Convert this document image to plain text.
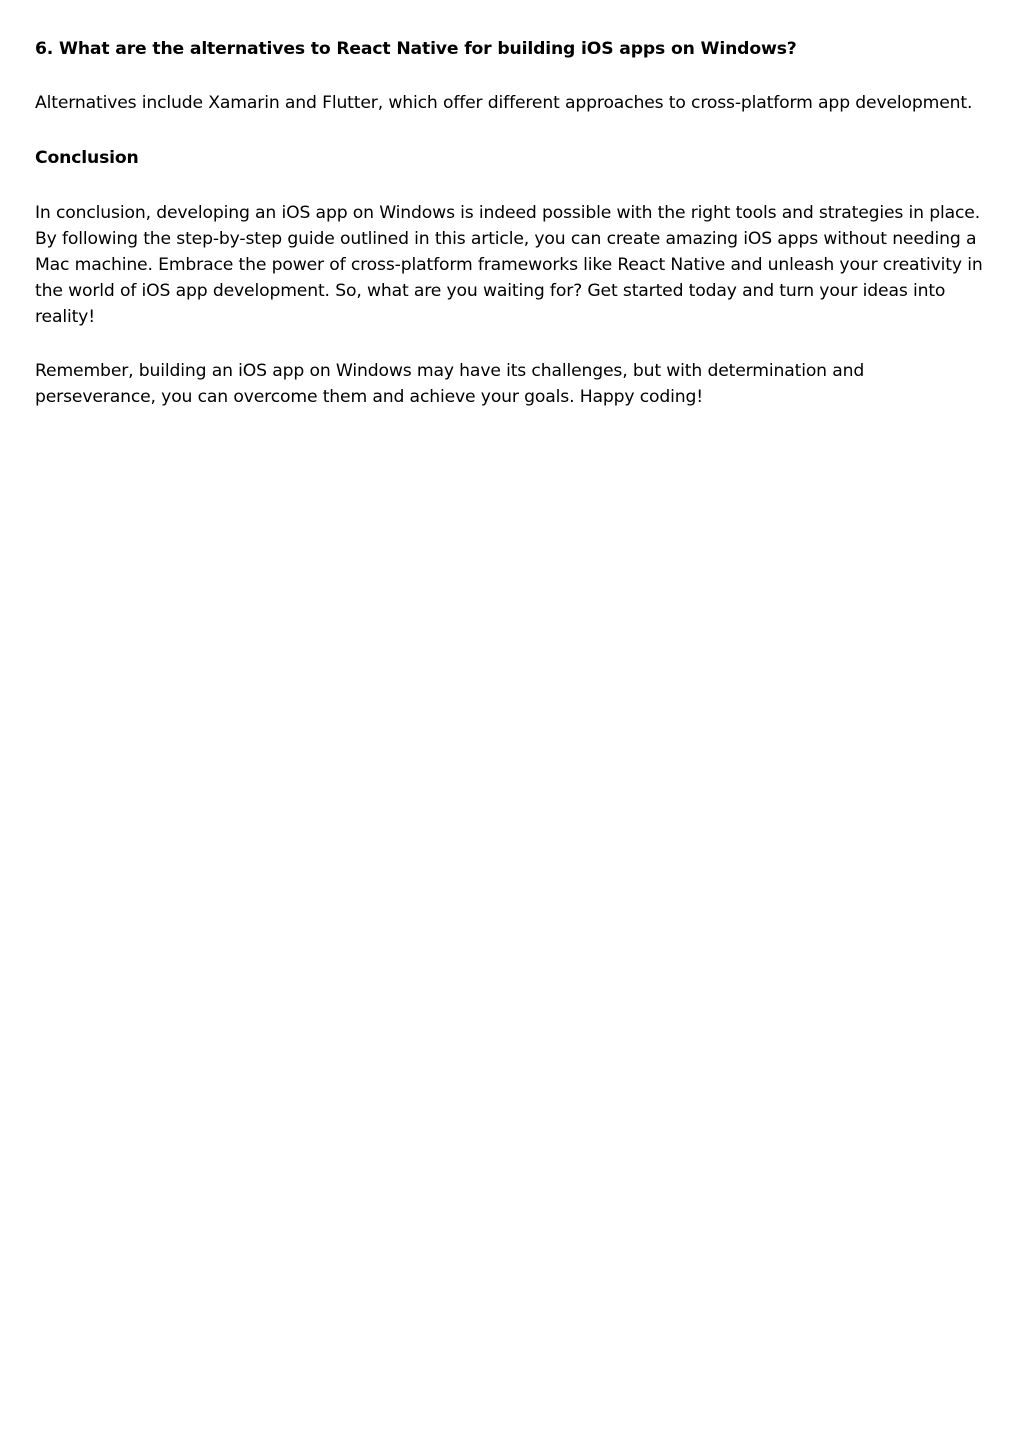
6. What are the alternatives to React Native for building iOS apps on Windows?

Alternatives include Xamarin and Flutter, which offer different approaches to cross-platform app development.

Conclusion

In conclusion, developing an iOS app on Windows is indeed possible with the right tools and strategies in place. By following the step-by-step guide outlined in this article, you can create amazing iOS apps without needing a Mac machine. Embrace the power of cross-platform frameworks like React Native and unleash your creativity in the world of iOS app development. So, what are you waiting for? Get started today and turn your ideas into reality!

Remember, building an iOS app on Windows may have its challenges, but with determination and perseverance, you can overcome them and achieve your goals. Happy coding!
